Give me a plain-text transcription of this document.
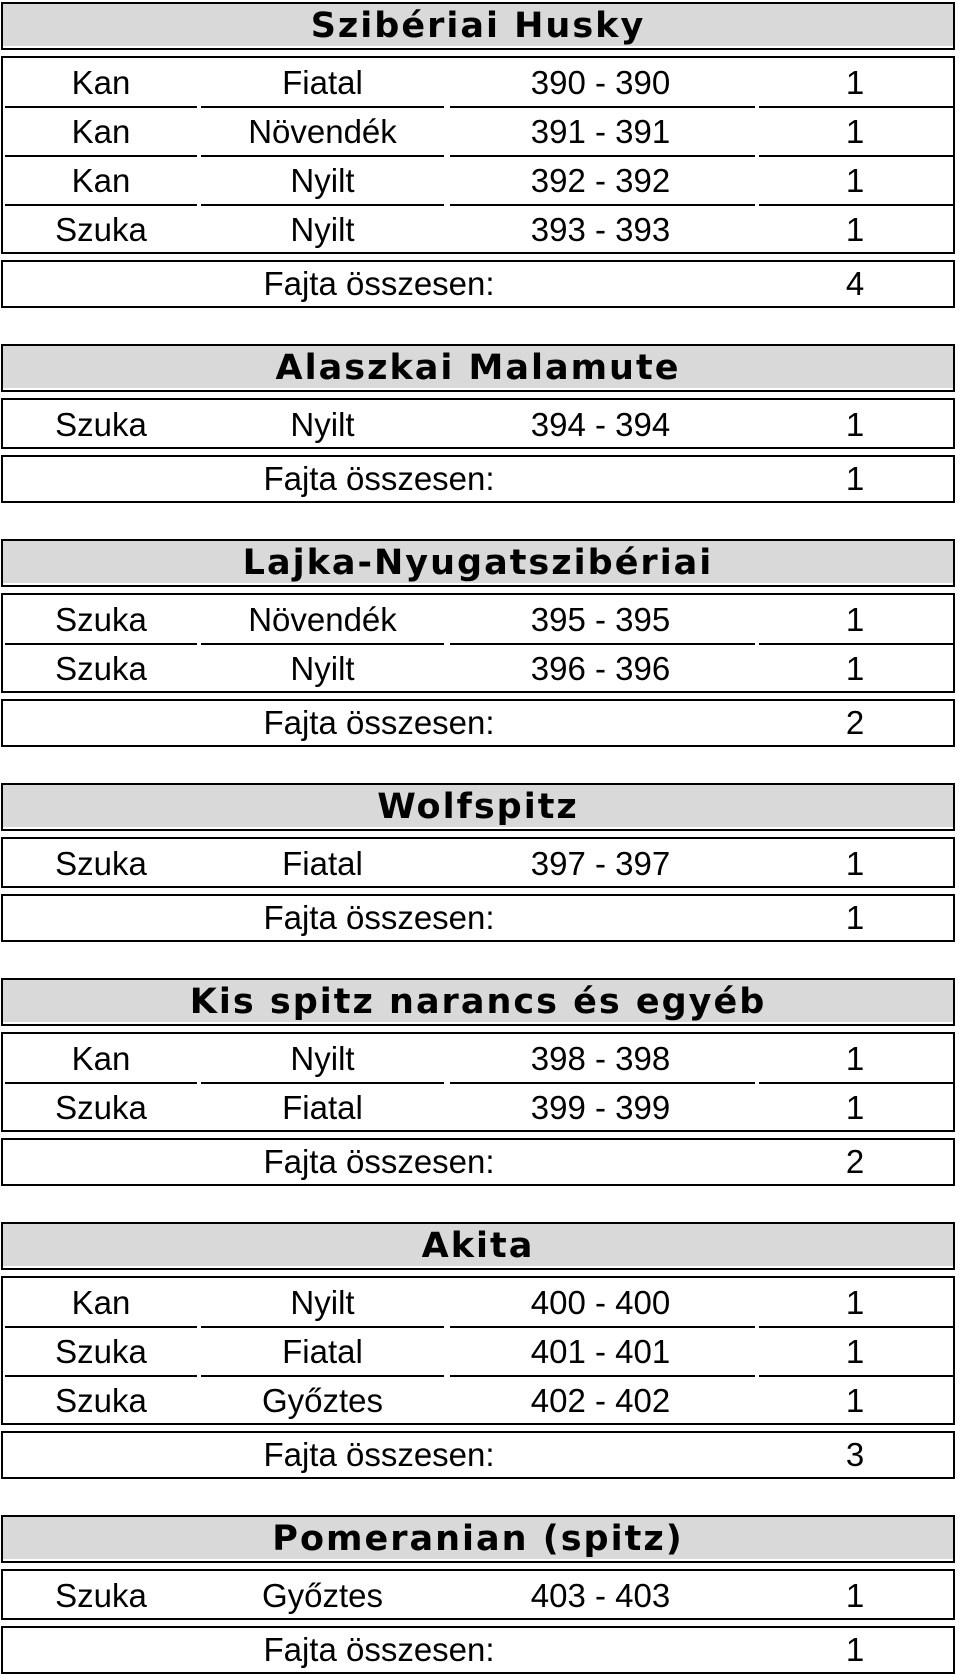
Szibériai Husky
Kan	Fiatal	390 - 390	1
Kan	Növendék	391 - 391	1
Kan	Nyilt	392 - 392	1
Szuka	Nyilt	393 - 393	1
Fajta összesen:	4
Alaszkai Malamute
Szuka	Nyilt	394 - 394	1
Fajta összesen:	1
Lajka-Nyugatszibériai
Szuka	Növendék	395 - 395	1
Szuka	Nyilt	396 - 396	1
Fajta összesen:	2
Wolfspitz
Szuka	Fiatal	397 - 397	1
Fajta összesen:	1
Kis spitz narancs és egyéb
Kan	Nyilt	398 - 398	1
Szuka	Fiatal	399 - 399	1
Fajta összesen:	2
Akita
Kan	Nyilt	400 - 400	1
Szuka	Fiatal	401 - 401	1
Szuka	Győztes	402 - 402	1
Fajta összesen:	3
Pomeranian (spitz)
Szuka	Győztes	403 - 403	1
Fajta összesen:	1
